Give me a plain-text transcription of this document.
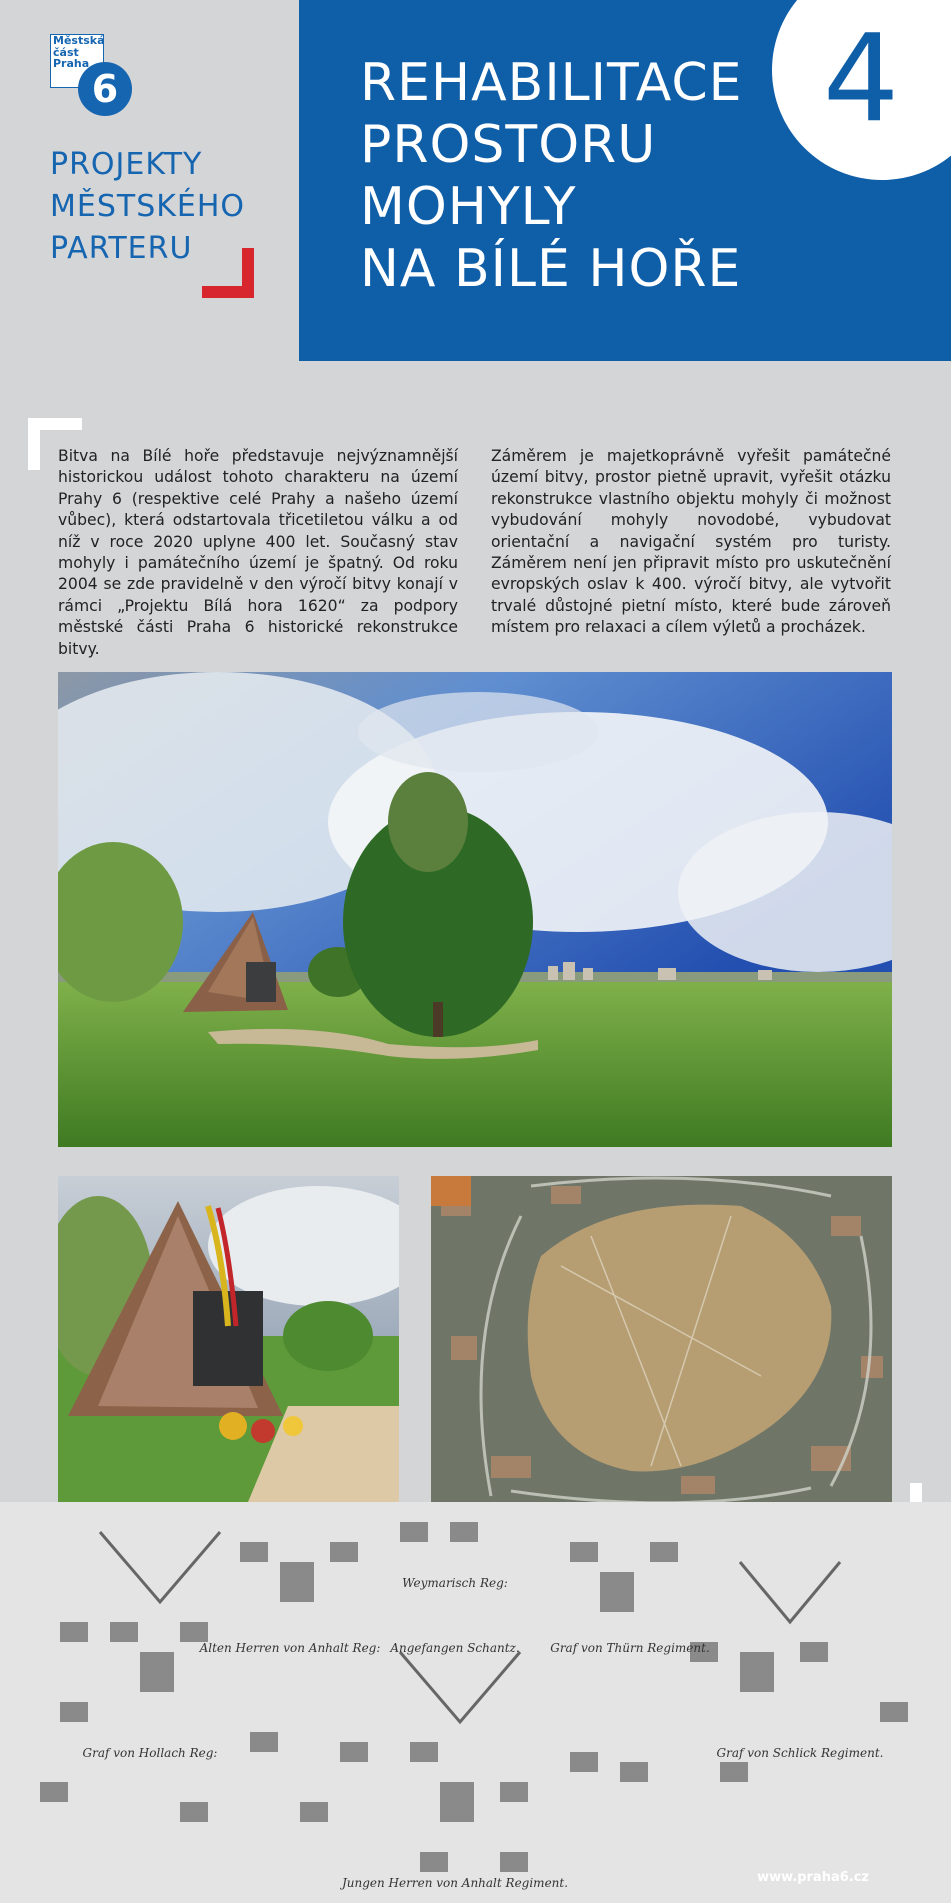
Městská
část
Praha
6
PROJEKTY
MĚSTSKÉHO
PARTERU
REHABILITACE
PROSTORU
MOHYLY
NA BÍLÉ HOŘE
4
Bitva na Bílé hoře představuje nejvýznamnější historickou událost tohoto charakteru na území Prahy 6 (respektive celé Prahy a našeho území vůbec), která odstartovala třicetiletou válku a od níž v roce 2020 uplyne 400 let. Současný stav mohyly i památečního území je špatný. Od roku 2004 se zde pravidelně v den výročí bitvy konají v rámci „Projektu Bílá hora 1620“ za podpory městské části Praha 6 historické rekonstrukce bitvy.
Záměrem je majetkoprávně vyřešit památečné území bitvy, prostor pietně upravit, vyřešit otázku rekonstrukce vlastního objektu mohyly či možnost vybudování mohyly novodobé, vybudovat orientační a navigační systém pro turisty. Záměrem není jen připravit místo pro uskutečnění evropských oslav k 400. výročí bitvy, ale vytvořit trvalé důstojné pietní místo, které bude zároveň místem pro relaxaci a cílem výletů a procházek.
Weymarisch Reg:
Angefangen Schantz.
Alten Herren von Anhalt Reg:	Graf von Thürn Regiment.
Graf von Hollach Reg:	Graf von Schlick Regiment.
Jungen Herren von Anhalt Regiment.	www.praha6.cz
